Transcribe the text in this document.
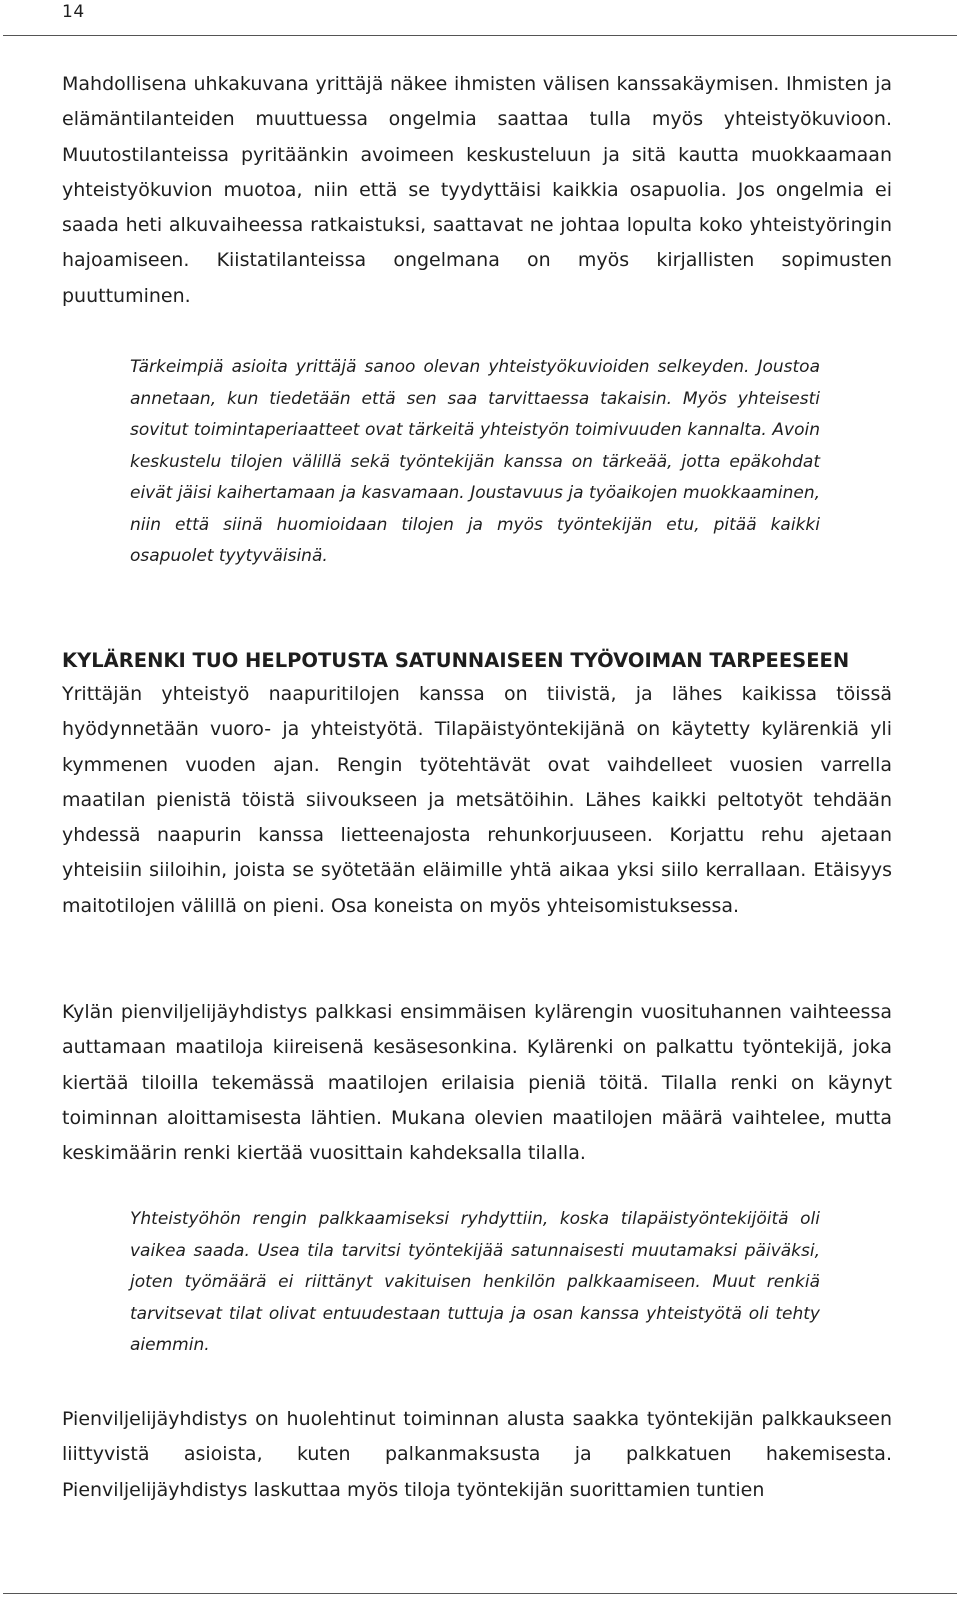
14

Mahdollisena uhkakuvana yrittäjä näkee ihmisten välisen kanssakäymisen. Ihmisten ja elämäntilanteiden muuttuessa ongelmia saattaa tulla myös yhteistyökuvioon. Muutostilanteissa pyritäänkin avoimeen keskusteluun ja sitä kautta muokkaamaan yhteistyökuvion muotoa, niin että se tyydyttäisi kaikkia osapuolia. Jos ongelmia ei saada heti alkuvaiheessa ratkaistuksi, saattavat ne johtaa lopulta koko yhteistyöringin hajoamiseen. Kiistatilanteissa ongelmana on myös kirjallisten sopimusten puuttuminen.

Tärkeimpiä asioita yrittäjä sanoo olevan yhteistyökuvioiden selkeyden. Joustoa annetaan, kun tiedetään että sen saa tarvittaessa takaisin. Myös yhteisesti sovitut toimintaperiaatteet ovat tärkeitä yhteistyön toimivuuden kannalta. Avoin keskustelu tilojen välillä sekä työntekijän kanssa on tärkeää, jotta epäkohdat eivät jäisi kaihertamaan ja kasvamaan. Joustavuus ja työaikojen muokkaaminen, niin että siinä huomioidaan tilojen ja myös työntekijän etu, pitää kaikki osapuolet tyytyväisinä.

KYLÄRENKI TUO HELPOTUSTA SATUNNAISEEN TYÖVOIMAN TARPEESEEN

Yrittäjän yhteistyö naapuritilojen kanssa on tiivistä, ja lähes kaikissa töissä hyödynnetään vuoro- ja yhteistyötä. Tilapäistyöntekijänä on käytetty kylärenkiä yli kymmenen vuoden ajan. Rengin työtehtävät ovat vaihdelleet vuosien varrella maatilan pienistä töistä siivoukseen ja metsätöihin. Lähes kaikki peltotyöt tehdään yhdessä naapurin kanssa lietteenajosta rehunkorjuuseen. Korjattu rehu ajetaan yhteisiin siiloihin, joista se syötetään eläimille yhtä aikaa yksi siilo kerrallaan. Etäisyys maitotilojen välillä on pieni. Osa koneista on myös yhteisomistuksessa.

Kylän pienviljelijäyhdistys palkkasi ensimmäisen kylärengin vuosituhannen vaihteessa auttamaan maatiloja kiireisenä kesäsesonkina. Kylärenki on palkattu työntekijä, joka kiertää tiloilla tekemässä maatilojen erilaisia pieniä töitä. Tilalla renki on käynyt toiminnan aloittamisesta lähtien. Mukana olevien maatilojen määrä vaihtelee, mutta keskimäärin renki kiertää vuosittain kahdeksalla tilalla.

Yhteistyöhön rengin palkkaamiseksi ryhdyttiin, koska tilapäistyöntekijöitä oli vaikea saada. Usea tila tarvitsi työntekijää satunnaisesti muutamaksi päiväksi, joten työmäärä ei riittänyt vakituisen henkilön palkkaamiseen. Muut renkiä tarvitsevat tilat olivat entuudestaan tuttuja ja osan kanssa yhteistyötä oli tehty aiemmin.

Pienviljelijäyhdistys on huolehtinut toiminnan alusta saakka työntekijän palkkaukseen liittyvistä asioista, kuten palkanmaksusta ja palkkatuen hakemisesta. Pienviljelijäyhdistys laskuttaa myös tiloja työntekijän suorittamien tuntien
